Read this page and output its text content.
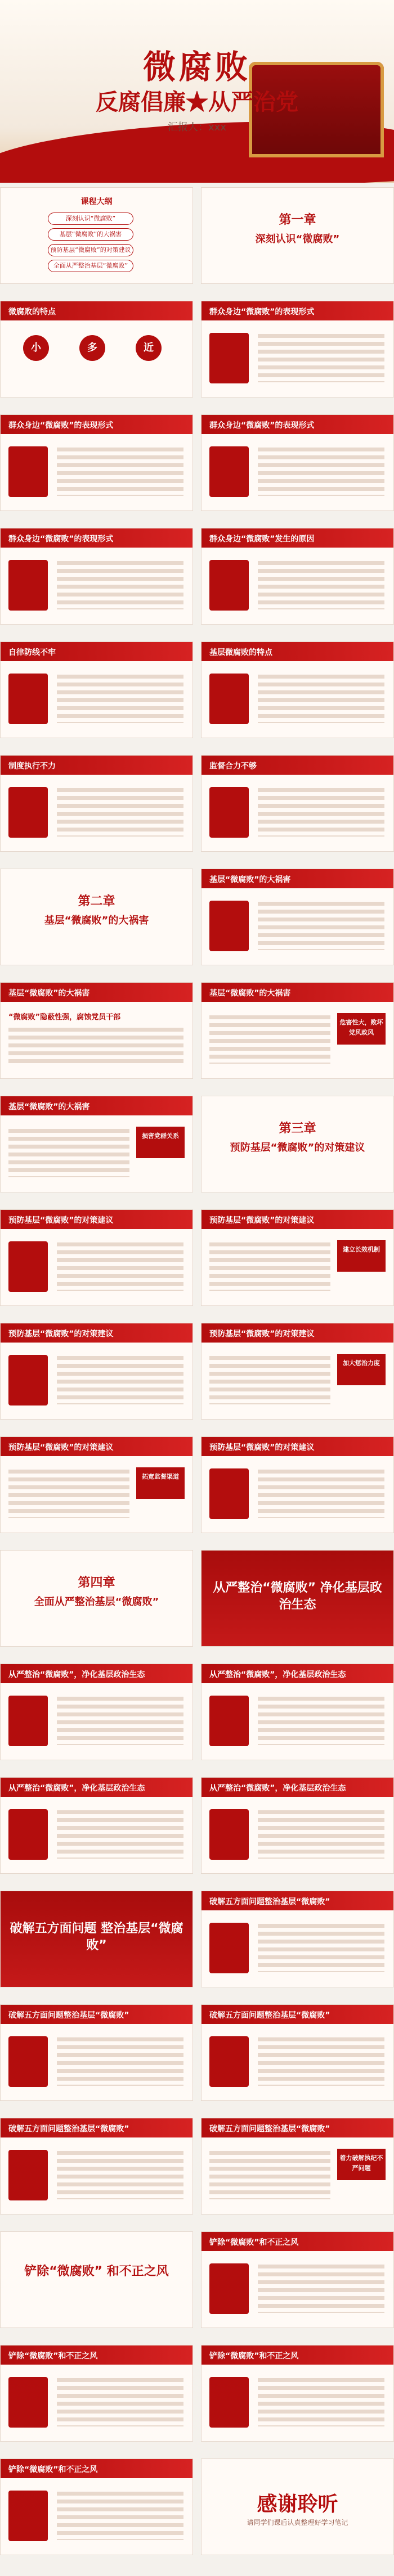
微腐败
反腐倡廉★从严治党
汇报人：xxx
课程大纲
深刻认识“微腐败”
基层“微腐败”的大祸害
预防基层“微腐败”的对策建议
全面从严整治基层“微腐败”
第一章
深刻认识“微腐败”
微腐败的特点
小	多	近
群众身边“微腐败”的表现形式
群众身边“微腐败”的表现形式	群众身边“微腐败”的表现形式
群众身边“微腐败”的表现形式	群众身边“微腐败”发生的原因
自律防线不牢	基层微腐败的特点
制度执行不力	监督合力不够
第二章
基层“微腐败”的大祸害
基层“微腐败”的大祸害
基层“微腐败”的大祸害
“微腐败”隐蔽性强，腐蚀党员干部
基层“微腐败”的大祸害
危害性大，败坏党风政风
基层“微腐败”的大祸害
损害党群关系
第三章
预防基层“微腐败”的对策建议
预防基层“微腐败”的对策建议	预防基层“微腐败”的对策建议
建立长效机制
预防基层“微腐败”的对策建议	预防基层“微腐败”的对策建议
加大惩治力度
预防基层“微腐败”的对策建议
拓宽监督渠道
预防基层“微腐败”的对策建议
第四章
全面从严整治基层“微腐败”
从严整治“微腐败” 净化基层政治生态
从严整治“微腐败”，净化基层政治生态	从严整治“微腐败”，净化基层政治生态
从严整治“微腐败”，净化基层政治生态	从严整治“微腐败”，净化基层政治生态
破解五方面问题 整治基层“微腐败”
破解五方面问题整治基层“微腐败”
破解五方面问题整治基层“微腐败”	破解五方面问题整治基层“微腐败”
破解五方面问题整治基层“微腐败”	破解五方面问题整治基层“微腐败”
着力破解执纪不严问题
铲除“微腐败” 和不正之风
铲除“微腐败”和不正之风
铲除“微腐败”和不正之风	铲除“微腐败”和不正之风
铲除“微腐败”和不正之风
感谢聆听
请同学们课后认真整理好学习笔记
